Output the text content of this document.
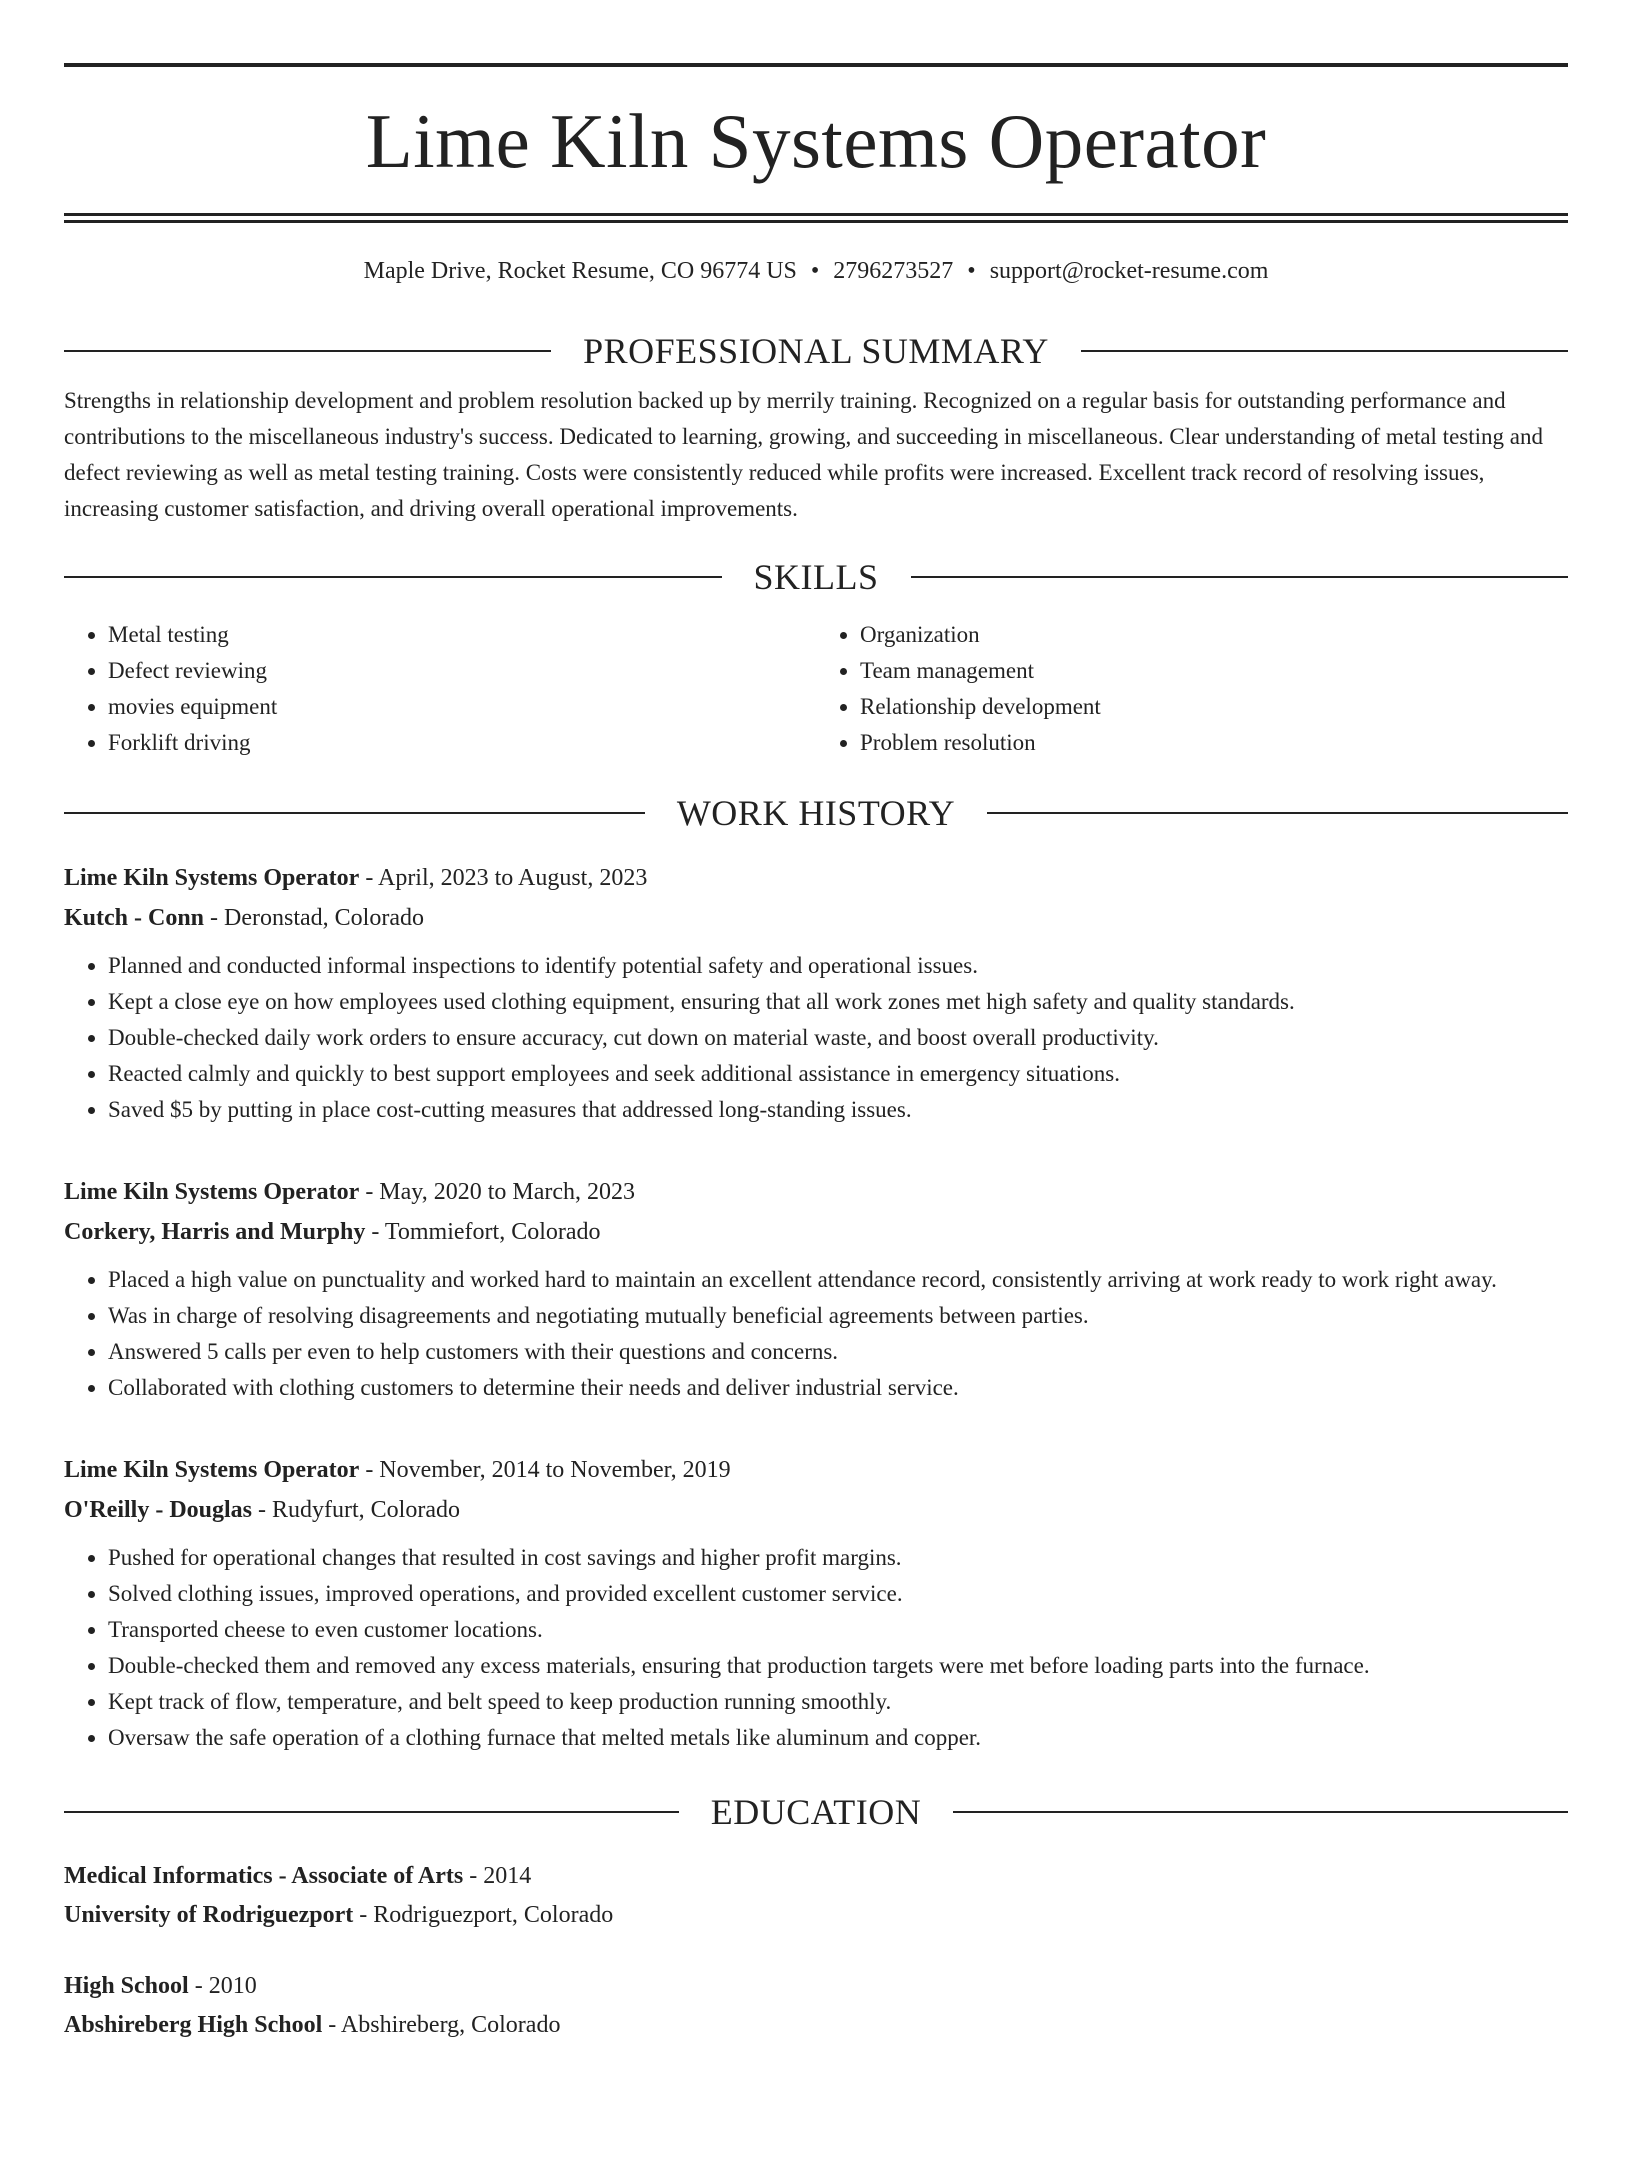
Lime Kiln Systems Operator
Maple Drive, Rocket Resume, CO 96774 US • 2796273527 • support@rocket-resume.com
PROFESSIONAL SUMMARY
Strengths in relationship development and problem resolution backed up by merrily training. Recognized on a regular basis for outstanding performance and contributions to the miscellaneous industry's success. Dedicated to learning, growing, and succeeding in miscellaneous. Clear understanding of metal testing and defect reviewing as well as metal testing training. Costs were consistently reduced while profits were increased. Excellent track record of resolving issues, increasing customer satisfaction, and driving overall operational improvements.
SKILLS
• Metal testing
• Defect reviewing
• movies equipment
• Forklift driving
• Organization
• Team management
• Relationship development
• Problem resolution
WORK HISTORY
Lime Kiln Systems Operator - April, 2023 to August, 2023
Kutch - Conn - Deronstad, Colorado
• Planned and conducted informal inspections to identify potential safety and operational issues.
• Kept a close eye on how employees used clothing equipment, ensuring that all work zones met high safety and quality standards.
• Double-checked daily work orders to ensure accuracy, cut down on material waste, and boost overall productivity.
• Reacted calmly and quickly to best support employees and seek additional assistance in emergency situations.
• Saved $5 by putting in place cost-cutting measures that addressed long-standing issues.
Lime Kiln Systems Operator - May, 2020 to March, 2023
Corkery, Harris and Murphy - Tommiefort, Colorado
• Placed a high value on punctuality and worked hard to maintain an excellent attendance record, consistently arriving at work ready to work right away.
• Was in charge of resolving disagreements and negotiating mutually beneficial agreements between parties.
• Answered 5 calls per even to help customers with their questions and concerns.
• Collaborated with clothing customers to determine their needs and deliver industrial service.
Lime Kiln Systems Operator - November, 2014 to November, 2019
O'Reilly - Douglas - Rudyfurt, Colorado
• Pushed for operational changes that resulted in cost savings and higher profit margins.
• Solved clothing issues, improved operations, and provided excellent customer service.
• Transported cheese to even customer locations.
• Double-checked them and removed any excess materials, ensuring that production targets were met before loading parts into the furnace.
• Kept track of flow, temperature, and belt speed to keep production running smoothly.
• Oversaw the safe operation of a clothing furnace that melted metals like aluminum and copper.
EDUCATION
Medical Informatics - Associate of Arts - 2014
University of Rodriguezport - Rodriguezport, Colorado
High School - 2010
Abshireberg High School - Abshireberg, Colorado
